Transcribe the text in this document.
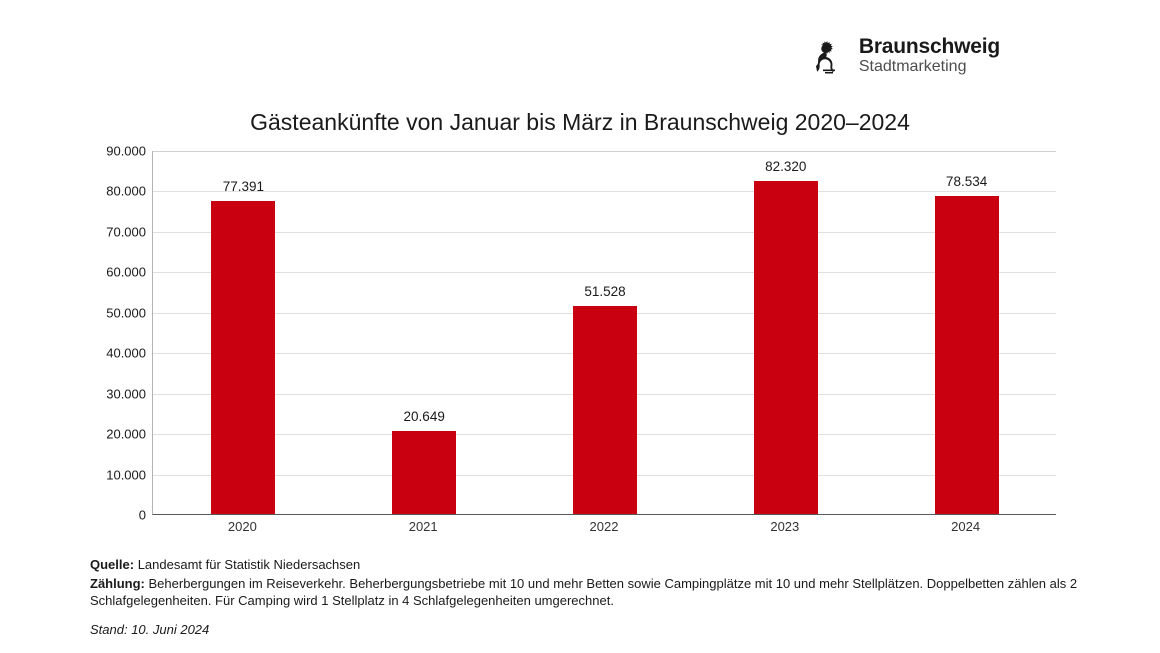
Braunschweig
Stadtmarketing
Gästeankünfte von Januar bis März in Braunschweig 2020–2024
0
10.000
20.000
30.000
40.000
50.000
60.000
70.000
80.000
90.000
77.391
20.649
51.528
82.320
78.534
2020	2021	2022	2023	2024
Quelle: Landesamt für Statistik Niedersachsen
Zählung: Beherbergungen im Reiseverkehr. Beherbergungsbetriebe mit 10 und mehr Betten sowie Campingplätze mit 10 und mehr Stellplätzen. Doppelbetten zählen als 2 Schlafgelegenheiten. Für Camping wird 1 Stellplatz in 4 Schlafgelegenheiten umgerechnet.
Stand: 10. Juni 2024
